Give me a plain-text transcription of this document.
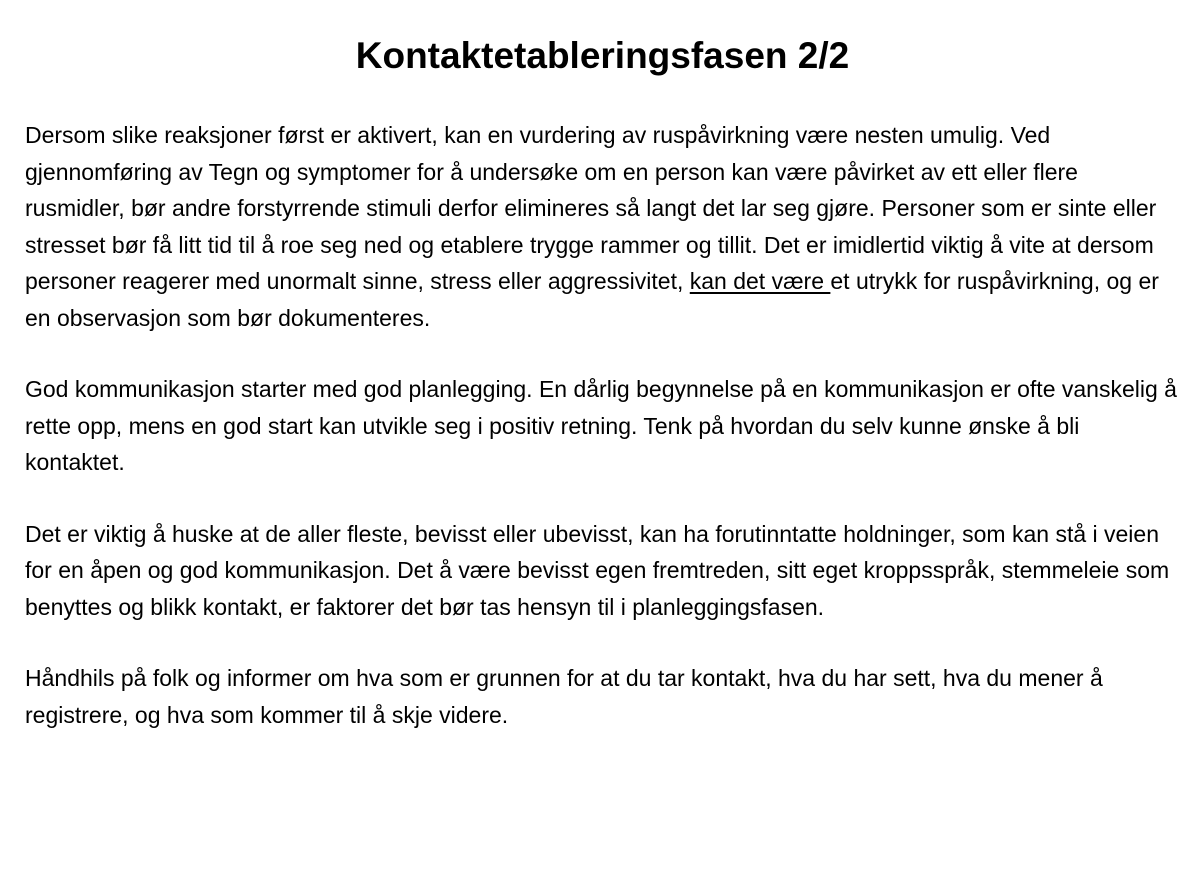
Kontaktetableringsfasen 2/2

Dersom slike reaksjoner først er aktivert, kan en vurdering av ruspåvirkning være nesten umulig. Ved gjennomføring av Tegn og symptomer for å undersøke om en person kan være påvirket av ett eller flere rusmidler, bør andre forstyrrende stimuli derfor elimineres så langt det lar seg gjøre. Personer som er sinte eller stresset bør få litt tid til å roe seg ned og etablere trygge rammer og tillit. Det er imidlertid viktig å vite at dersom personer reagerer med unormalt sinne, stress eller aggressivitet, kan det være et utrykk for ruspåvirkning, og er en observasjon som bør dokumenteres.

God kommunikasjon starter med god planlegging. En dårlig begynnelse på en kommunikasjon er ofte vanskelig å rette opp, mens en god start kan utvikle seg i positiv retning. Tenk på hvordan du selv kunne ønske å bli kontaktet.

Det er viktig å huske at de aller fleste, bevisst eller ubevisst, kan ha forutinntatte holdninger, som kan stå i veien for en åpen og god kommunikasjon. Det å være bevisst egen fremtreden, sitt eget kroppsspråk, stemmeleie som benyttes og blikk kontakt, er faktorer det bør tas hensyn til i planleggingsfasen.

Håndhils på folk og informer om hva som er grunnen for at du tar kontakt, hva du har sett, hva du mener å registrere, og hva som kommer til å skje videre.
